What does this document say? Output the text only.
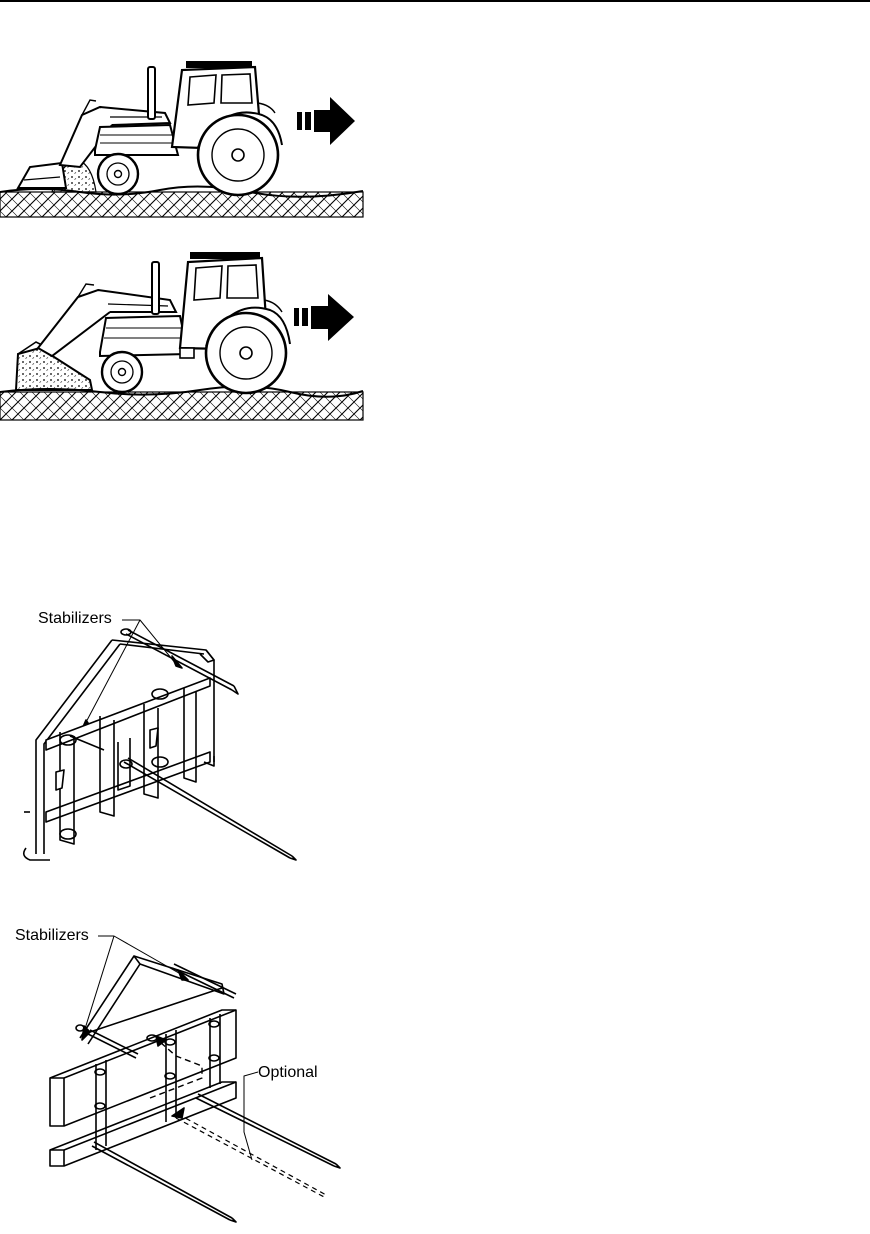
Stabilizers
Stabilizers
Optional
